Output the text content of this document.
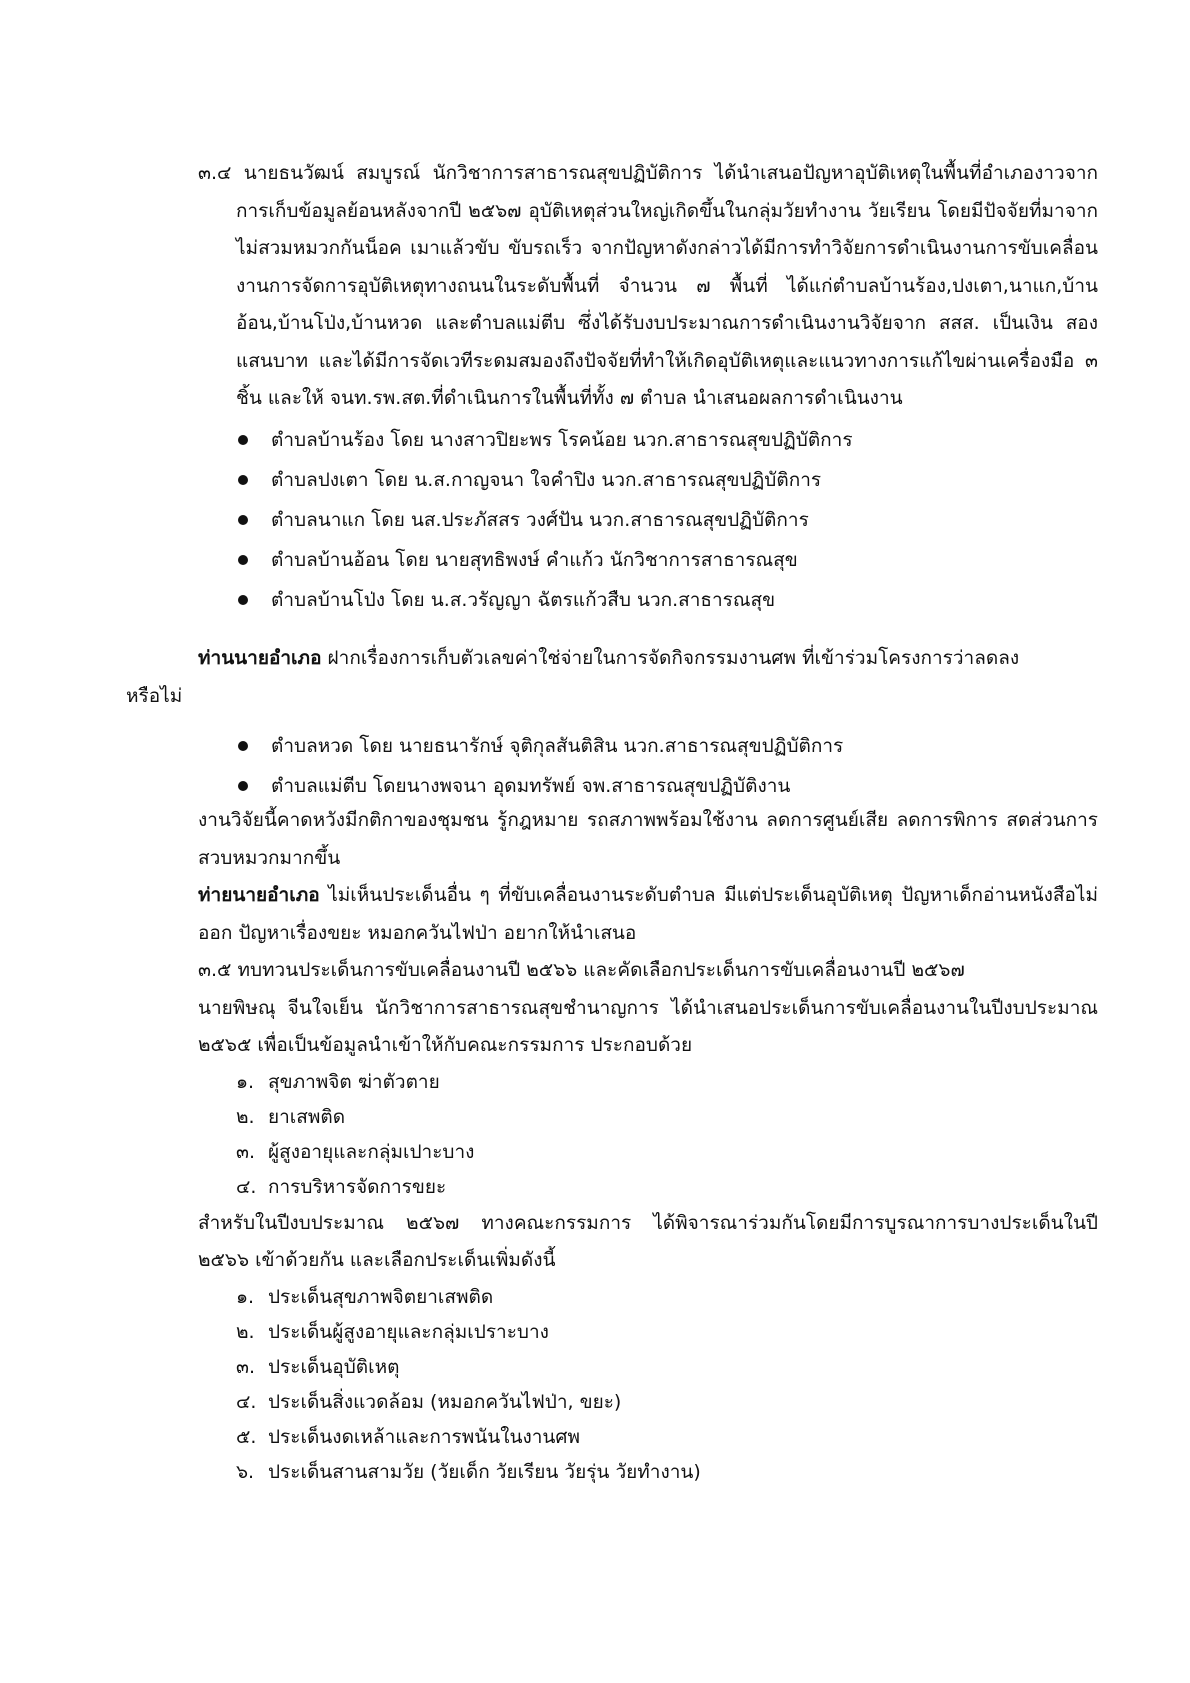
๓.๔ นายธนวัฒน์ สมบูรณ์ นักวิชาการสาธารณสุขปฏิบัติการ ได้นำเสนอปัญหาอุบัติเหตุในพื้นที่อำเภองาวจากการเก็บข้อมูลย้อนหลังจากปี ๒๕๖๗ อุบัติเหตุส่วนใหญ่เกิดขึ้นในกลุ่มวัยทำงาน วัยเรียน โดยมีปัจจัยที่มาจาก ไม่สวมหมวกกันน็อค เมาแล้วขับ ขับรถเร็ว จากปัญหาดังกล่าวได้มีการทำวิจัยการดำเนินงานการขับเคลื่อนงานการจัดการอุบัติเหตุทางถนนในระดับพื้นที่ จำนวน ๗ พื้นที่ ได้แก่ตำบลบ้านร้อง,ปงเตา,นาแก,บ้านอ้อน,บ้านโป่ง,บ้านหวด และตำบลแม่ตีบ ซึ่งได้รับงบประมาณการดำเนินงานวิจัยจาก สสส. เป็นเงิน สองแสนบาท และได้มีการจัดเวทีระดมสมองถึงปัจจัยที่ทำให้เกิดอุบัติเหตุและแนวทางการแก้ไขผ่านเครื่องมือ ๓ ชิ้น และให้ จนท.รพ.สต.ที่ดำเนินการในพื้นที่ทั้ง ๗ ตำบล นำเสนอผลการดำเนินงาน

ตำบลบ้านร้อง โดย นางสาวปิยะพร โรคน้อย นวก.สาธารณสุขปฏิบัติการ
ตำบลปงเตา โดย น.ส.กาญจนา ใจคำปิง นวก.สาธารณสุขปฏิบัติการ
ตำบลนาแก โดย นส.ประภัสสร วงศ์ปัน นวก.สาธารณสุขปฏิบัติการ
ตำบลบ้านอ้อน โดย นายสุทธิพงษ์ คำแก้ว นักวิชาการสาธารณสุข
ตำบลบ้านโป่ง โดย น.ส.วรัญญา ฉัตรแก้วสืบ นวก.สาธารณสุข
ท่านนายอำเภอ ฝากเรื่องการเก็บตัวเลขค่าใช่จ่ายในการจัดกิจกรรมงานศพ ที่เข้าร่วมโครงการว่าลดลง
หรือไม่
ตำบลหวด โดย นายธนารักษ์ จุติกุลสันติสิน นวก.สาธารณสุขปฏิบัติการ
ตำบลแม่ตีบ โดยนางพจนา อุดมทรัพย์ จพ.สาธารณสุขปฏิบัติงาน

งานวิจัยนี้คาดหวังมีกติกาของชุมชน รู้กฎหมาย รถสภาพพร้อมใช้งาน ลดการศูนย์เสีย ลดการพิการ สดส่วนการสวบหมวกมากขึ้น

ท่ายนายอำเภอ ไม่เห็นประเด็นอื่น ๆ ที่ขับเคลื่อนงานระดับตำบล มีแต่ประเด็นอุบัติเหตุ ปัญหาเด็กอ่านหนังสือไม่ออก ปัญหาเรื่องขยะ หมอกควันไฟป่า อยากให้นำเสนอ

๓.๕ ทบทวนประเด็นการขับเคลื่อนงานปี ๒๕๖๖ และคัดเลือกประเด็นการขับเคลื่อนงานปี ๒๕๖๗
นายพิษณุ จีนใจเย็น นักวิชาการสาธารณสุขชำนาญการ ได้นำเสนอประเด็นการขับเคลื่อนงานในปีงบประมาณ ๒๕๖๕ เพื่อเป็นข้อมูลนำเข้าให้กับคณะกรรมการ ประกอบด้วย
๑. สุขภาพจิต ฆ่าตัวตาย
๒. ยาเสพติด
๓. ผู้สูงอายุและกลุ่มเปาะบาง
๔. การบริหารจัดการขยะ
สำหรับในปีงบประมาณ ๒๕๖๗ ทางคณะกรรมการ ได้พิจารณาร่วมกันโดยมีการบูรณาการบางประเด็นในปี ๒๕๖๖ เข้าด้วยกัน และเลือกประเด็นเพิ่มดังนี้
๑. ประเด็นสุขภาพจิตยาเสพติด
๒. ประเด็นผู้สูงอายุและกลุ่มเปราะบาง
๓. ประเด็นอุบัติเหตุ
๔. ประเด็นสิ่งแวดล้อม (หมอกควันไฟป่า, ขยะ)
๕. ประเด็นงดเหล้าและการพนันในงานศพ
๖. ประเด็นสานสามวัย (วัยเด็ก วัยเรียน วัยรุ่น วัยทำงาน)
